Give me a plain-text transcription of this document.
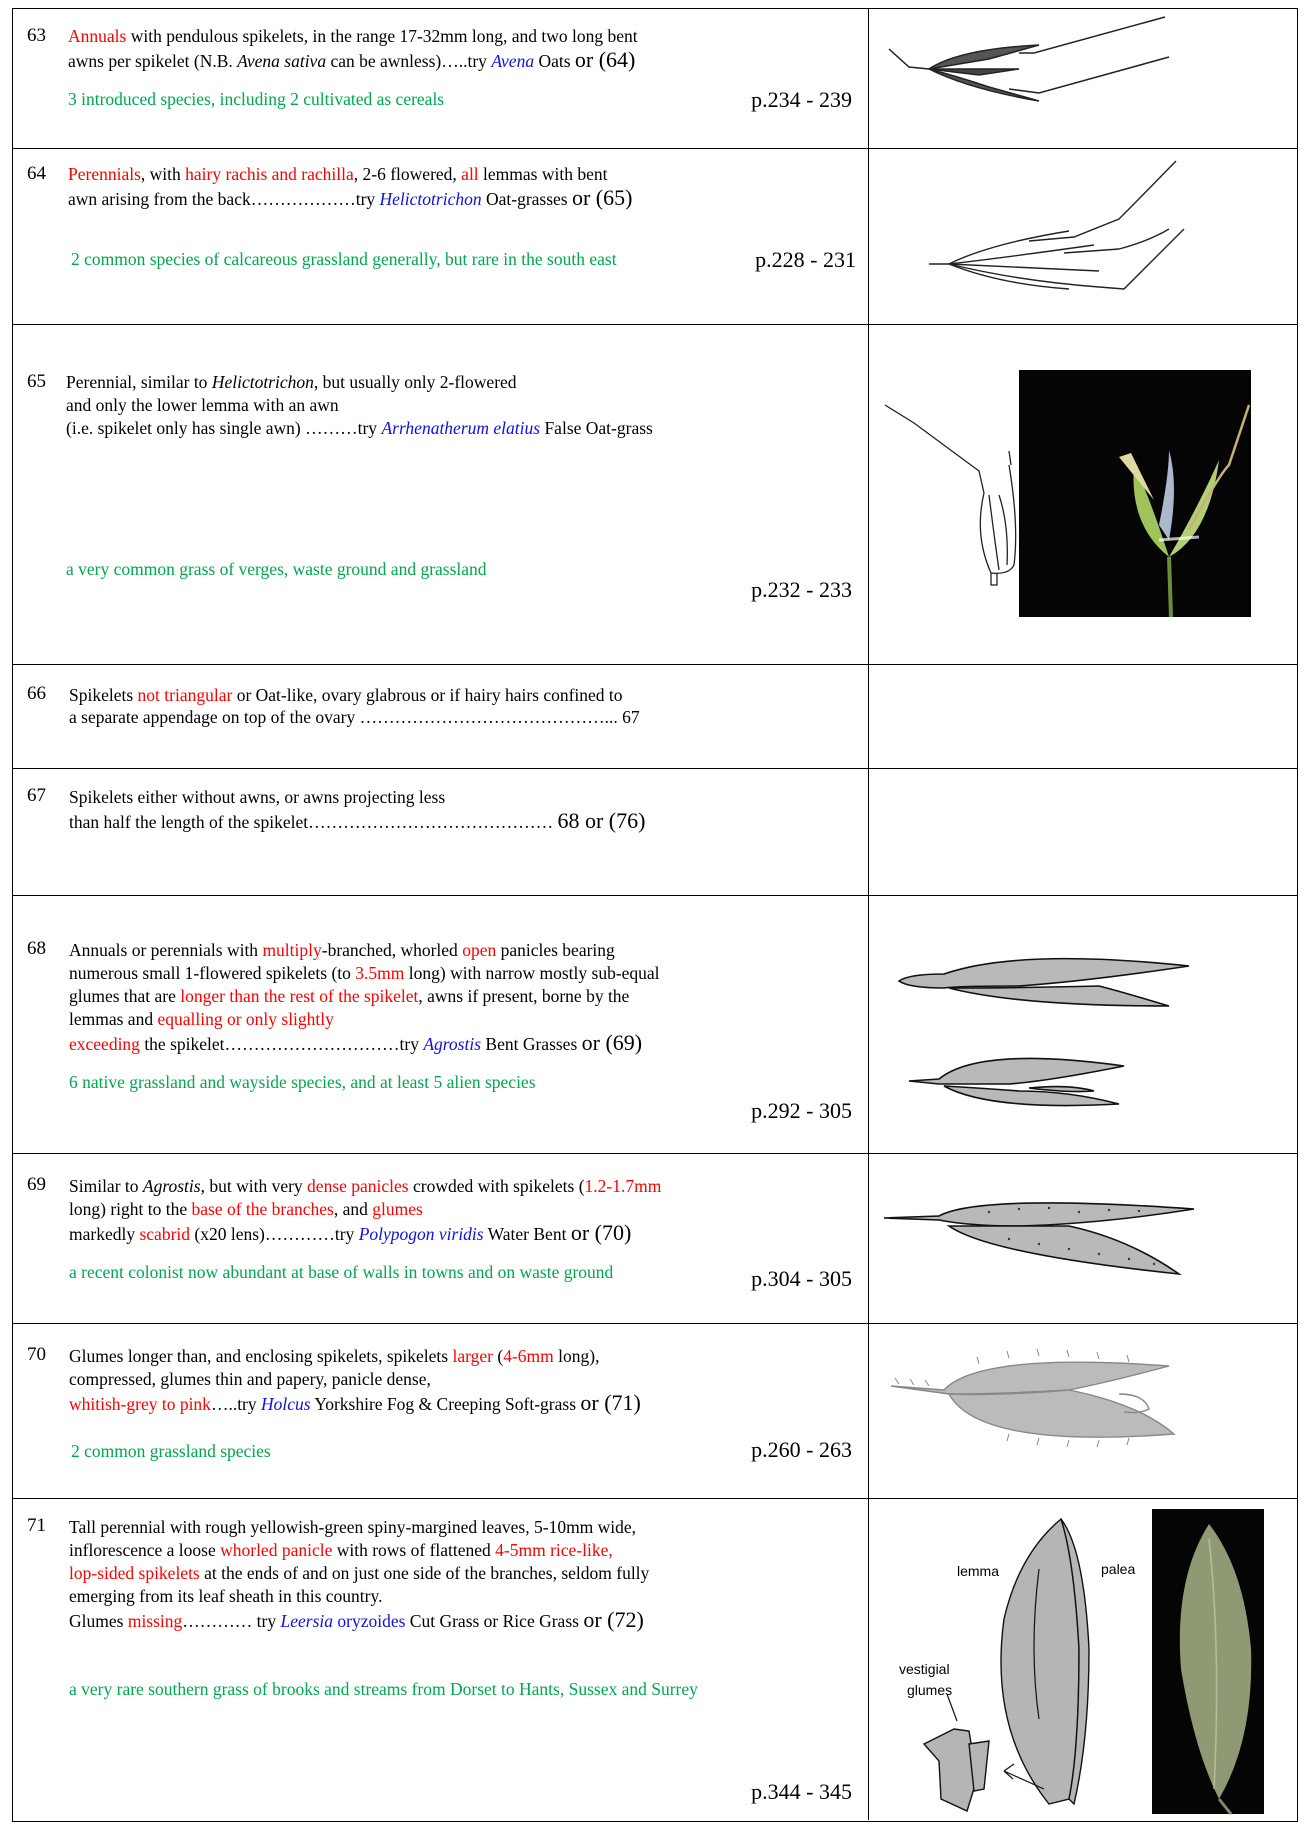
63 Annuals with pendulous spikelets, in the range 17-32mm long, and two long bent
awns per spikelet (N.B. Avena sativa can be awnless)…..try Avena Oats or (64)
3 introduced species, including 2 cultivated as cereals	p.234 - 239
64 Perennials, with hairy rachis and rachilla, 2-6 flowered, all lemmas with bent
awn arising from the back………………try Helictotrichon Oat-grasses or (65)
2 common species of calcareous grassland generally, but rare in the south east	p.228 - 231
65 Perennial, similar to Helictotrichon, but usually only 2-flowered
and only the lower lemma with an awn
(i.e. spikelet only has single awn) ………try Arrhenatherum elatius False Oat-grass
a very common grass of verges, waste ground and grassland
p.232 - 233
66 Spikelets not triangular or Oat-like, ovary glabrous or if hairy hairs confined to
a separate appendage on top of the ovary ……………………………………... 67
67 Spikelets either without awns, or awns projecting less
than half the length of the spikelet…………………………………… 68 or (76)
68 Annuals or perennials with multiply-branched, whorled open panicles bearing
numerous small 1-flowered spikelets (to 3.5mm long) with narrow mostly sub-equal
glumes that are longer than the rest of the spikelet, awns if present, borne by the
lemmas and equalling or only slightly
exceeding the spikelet…………………………try Agrostis Bent Grasses or (69)
6 native grassland and wayside species, and at least 5 alien species
p.292 - 305
69 Similar to Agrostis, but with very dense panicles crowded with spikelets (1.2-1.7mm
long) right to the base of the branches, and glumes
markedly scabrid (x20 lens)…………try Polypogon viridis Water Bent or (70)
a recent colonist now abundant at base of walls in towns and on waste ground	p.304 - 305
70 Glumes longer than, and enclosing spikelets, spikelets larger (4-6mm long),
compressed, glumes thin and papery, panicle dense,
whitish-grey to pink…..try Holcus Yorkshire Fog & Creeping Soft-grass or (71)
2 common grassland species	p.260 - 263
71 Tall perennial with rough yellowish-green spiny-margined leaves, 5-10mm wide,
inflorescence a loose whorled panicle with rows of flattened 4-5mm rice-like,
lop-sided spikelets at the ends of and on just one side of the branches, seldom fully
emerging from its leaf sheath in this country.
Glumes missing………… try Leersia oryzoides Cut Grass or Rice Grass or (72)
a very rare southern grass of brooks and streams from Dorset to Hants, Sussex and Surrey
p.344 - 345
lemma	palea
vestigial
glumes
